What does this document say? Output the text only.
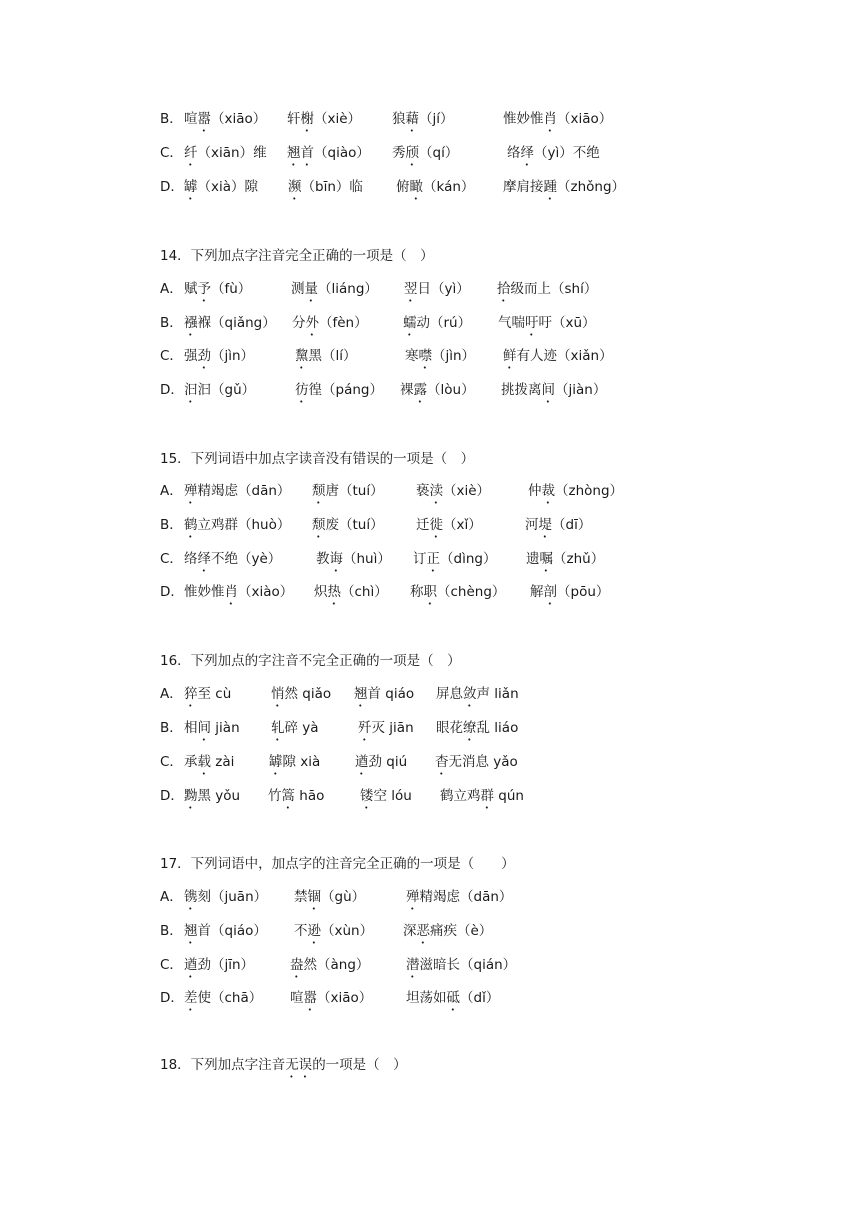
B． 喧嚣（xiāo） 轩榭（xiè） 狼藉（jí）	惟妙惟肖（xiāo）
C． 纤（xiān）维 翘首（qiào） 秀颀（qí）	络绎（yì）不绝
D． 罅（xià）隙 濒（bīn）临 俯瞰（kán） 摩肩接踵（zhǒng）
14．下列加点字注音完全正确的一项是（　）
A． 赋予（fù）	测量（liáng） 翌日（yì） 拾级而上（shí）
B． 襁褓（qiǎng） 分外（fèn）	蠕动（rú） 气喘吁吁（xū）
C． 强劲（jìn）	黧黑（lí）	寒噤（jìn） 鲜有人迹（xiǎn）
D． 汩汩（gǔ）	彷徨（páng） 裸露（lòu） 挑拨离间（jiàn）
15．下列词语中加点字读音没有错误的一项是（　）
A． 殚精竭虑（dān） 颓唐（tuí） 亵渎（xiè）	仲裁（zhòng）
B． 鹤立鸡群（huò） 颓废（tuí） 迁徙（xǐ）	河堤（dī）
C． 络绎不绝（yè）	教诲（huì） 订正（dìng） 遗嘱（zhǔ）
D． 惟妙惟肖（xiào） 炽热（chì） 称职（chèng） 解剖（pōu）
16．下列加点的字注音不完全正确的一项是（　）
A． 猝至 cù	悄然 qiǎo 翘首 qiáo 屏息敛声 liǎn
B． 相间 jiàn 轧碎 yà	歼灭 jiān 眼花缭乱 liáo
C． 承载 zài	罅隙 xià	遒劲 qiú 杳无消息 yǎo
D． 黝黑 yǒu 竹篙 hāo	镂空 lóu 鹤立鸡群 qún
17．下列词语中，加点字的注音完全正确的一项是（　　）
A． 镌刻（juān） 禁锢（gù）	殚精竭虑（dān）
B． 翘首（qiáo） 不逊（xùn） 深恶痛疾（è）
C． 遒劲（jīn）	盎然（àng）	潜滋暗长（qián）
D． 差使（chā） 喧嚣（xiāo） 坦荡如砥（dǐ）
18．下列加点字注音无误的一项是（　）
